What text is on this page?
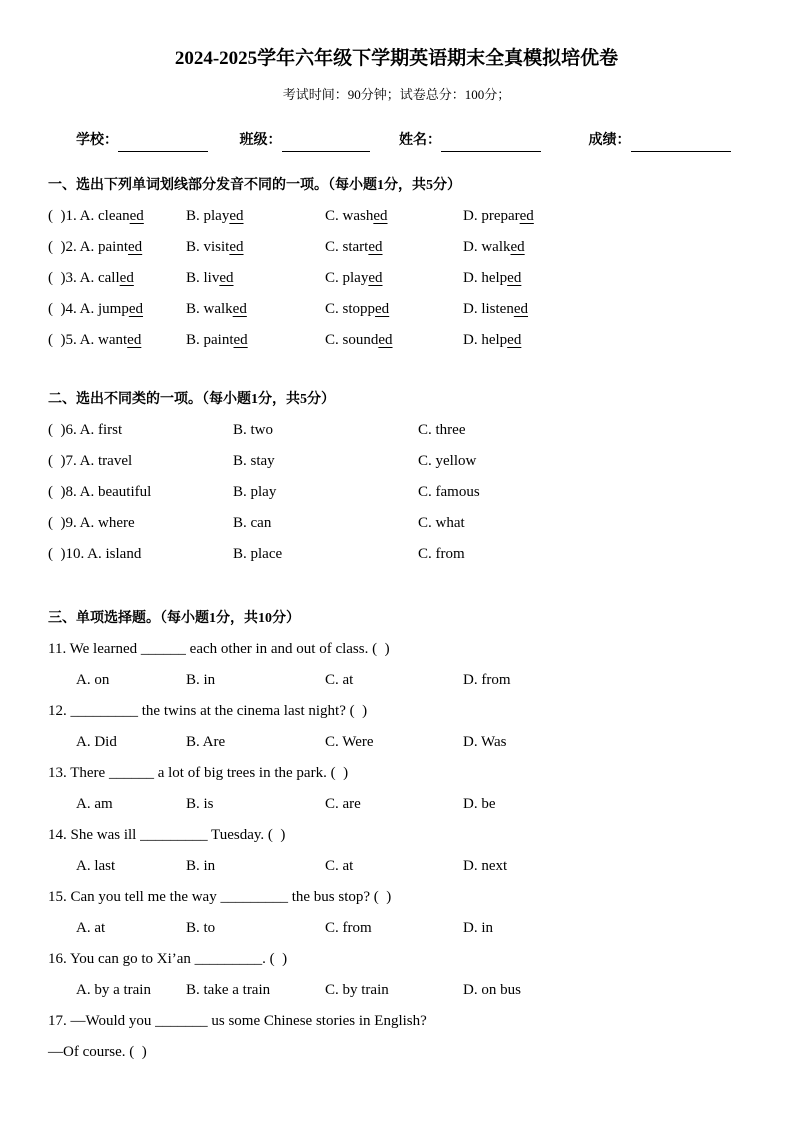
2024-2025学年六年级下学期英语期末全真模拟培优卷
考试时间：90分钟；试卷总分：100分；
学校：	班级：	姓名：	成绩：
一、选出下列单词划线部分发音不同的一项。（每小题1分，共5分）
(  )1. A. cleaned	B. played	C. washed	D. prepared
(  )2. A. painted	B. visited	C. started	D. walked
(  )3. A. called	B. lived	C. played	D. helped
(  )4. A. jumped	B. walked	C. stopped	D. listened
(  )5. A. wanted	B. painted	C. sounded	D. helped
二、选出不同类的一项。（每小题1分，共5分）
(  )6. A. first	B. two	C. three
(  )7. A. travel	B. stay	C. yellow
(  )8. A. beautiful	B. play	C. famous
(  )9. A. where	B. can	C. what
(  )10. A. island	B. place	C. from
三、单项选择题。（每小题1分，共10分）
11. We learned ______ each other in and out of class. (  )
A. on	B. in	C. at	D. from
12. _________ the twins at the cinema last night? (  )
A. Did	B. Are	C. Were	D. Was
13. There ______ a lot of big trees in the park. (  )
A. am	B. is	C. are	D. be
14. She was ill _________ Tuesday. (  )
A. last	B. in	C. at	D. next
15. Can you tell me the way _________ the bus stop? (  )
A. at	B. to	C. from	D. in
16. You can go to Xi’an _________. (  )
A. by a train	B. take a train	C. by train	D. on bus
17. —Would you _______ us some Chinese stories in English?
—Of course. (  )
